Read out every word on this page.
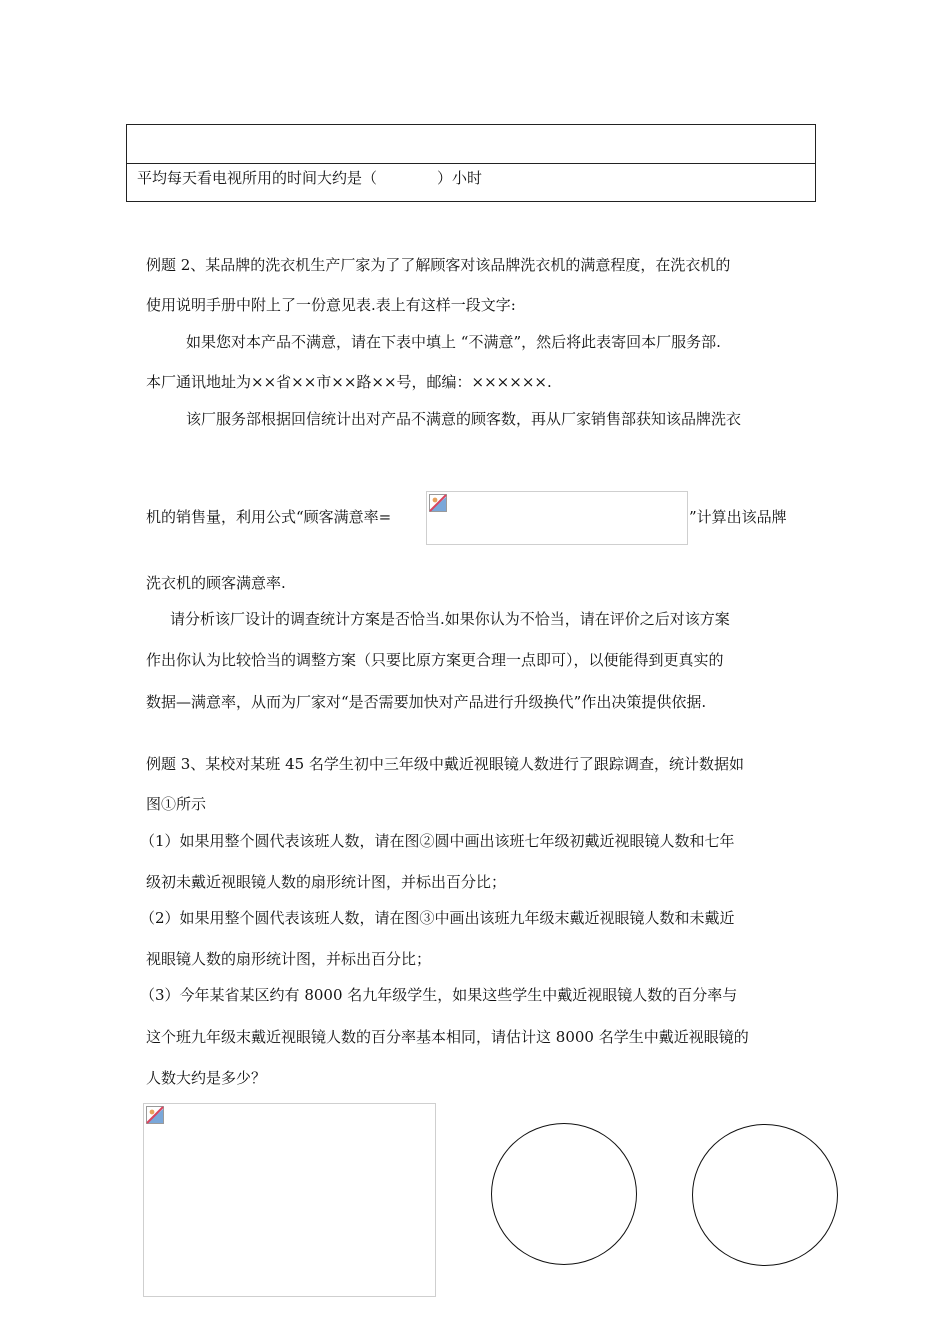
平均每天看电视所用的时间大约是（　　　　）小时
例题 2、某品牌的洗衣机生产厂家为了了解顾客对该品牌洗衣机的满意程度，在洗衣机的
使用说明手册中附上了一份意见表.表上有这样一段文字:
如果您对本产品不满意，请在下表中填上 “不满意”，然后将此表寄回本厂服务部.
本厂通讯地址为××省××市××路××号，邮编：××××××.
该厂服务部根据回信统计出对产品不满意的顾客数，再从厂家销售部获知该品牌洗衣
机的销售量，利用公式“顾客满意率=	”计算出该品牌
洗衣机的顾客满意率.
请分析该厂设计的调查统计方案是否恰当.如果你认为不恰当，请在评价之后对该方案
作出你认为比较恰当的调整方案（只要比原方案更合理一点即可），以便能得到更真实的
数据—满意率，从而为厂家对“是否需要加快对产品进行升级换代”作出决策提供依据.
例题 3、某校对某班 45 名学生初中三年级中戴近视眼镜人数进行了跟踪调查，统计数据如
图①所示
（1）如果用整个圆代表该班人数，请在图②圆中画出该班七年级初戴近视眼镜人数和七年
级初未戴近视眼镜人数的扇形统计图，并标出百分比；
（2）如果用整个圆代表该班人数，请在图③中画出该班九年级末戴近视眼镜人数和未戴近
视眼镜人数的扇形统计图，并标出百分比；
（3）今年某省某区约有 8000 名九年级学生，如果这些学生中戴近视眼镜人数的百分率与
这个班九年级末戴近视眼镜人数的百分率基本相同，请估计这 8000 名学生中戴近视眼镜的
人数大约是多少？
